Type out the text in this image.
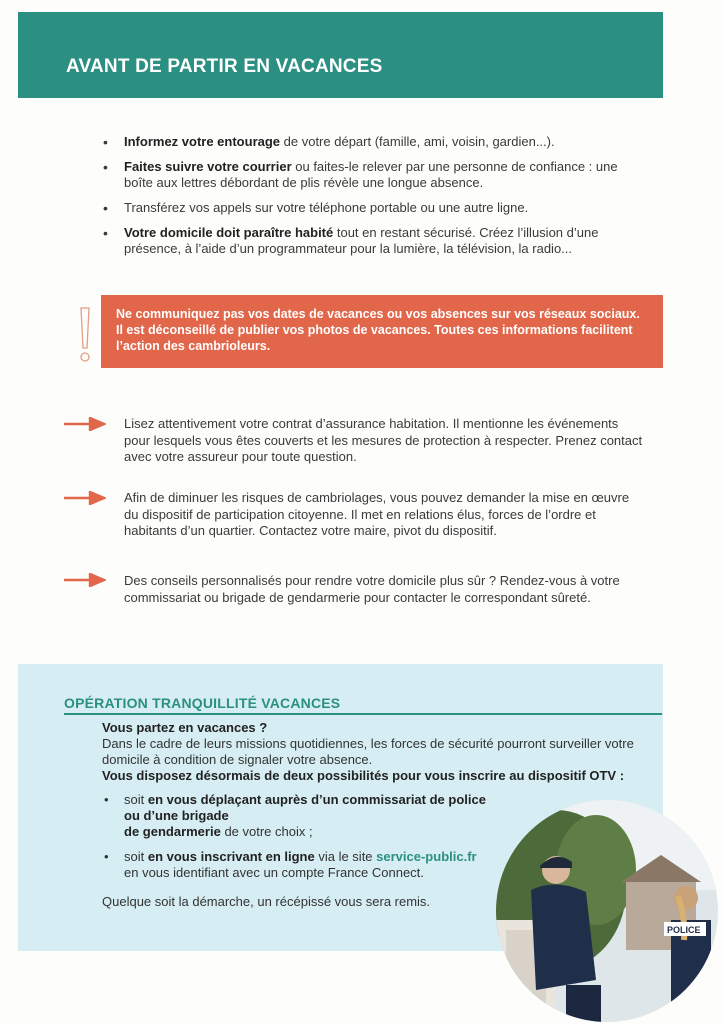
AVANT DE PARTIR EN VACANCES
• Informez votre entourage de votre départ (famille, ami, voisin, gardien...).
• Faites suivre votre courrier ou faites-le relever par une personne de confiance : une boîte aux lettres débordant de plis révèle une longue absence.
• Transférez vos appels sur votre téléphone portable ou une autre ligne.
• Votre domicile doit paraître habité tout en restant sécurisé. Créez l’illusion d’une présence, à l’aide d’un programmateur pour la lumière, la télévision, la radio...

Ne communiquez pas vos dates de vacances ou vos absences sur vos réseaux sociaux. Il est déconseillé de publier vos photos de vacances. Toutes ces informations facilitent l’action des cambrioleurs.

Lisez attentivement votre contrat d’assurance habitation. Il mentionne les événements pour lesquels vous êtes couverts et les mesures de protection à respecter. Prenez contact avec votre assureur pour toute question.

Afin de diminuer les risques de cambriolages, vous pouvez demander la mise en œuvre du dispositif de participation citoyenne. Il met en relations élus, forces de l’ordre et habitants d’un quartier. Contactez votre maire, pivot du dispositif.

Des conseils personnalisés pour rendre votre domicile plus sûr ? Rendez-vous à votre commissariat ou brigade de gendarmerie pour contacter le correspondant sûreté.

OPÉRATION TRANQUILLITÉ VACANCES

Vous partez en vacances ?

Dans le cadre de leurs missions quotidiennes, les forces de sécurité pourront surveiller votre domicile à condition de signaler votre absence.

Vous disposez désormais de deux possibilités pour vous inscrire au dispositif OTV :

• soit en vous déplaçant auprès d’un commissariat de police
ou d’une brigade
de gendarmerie de votre choix ;
• soit en vous inscrivant en ligne via le site service-public.fr
en vous identifiant avec un compte France Connect.

Quelque soit la démarche, un récépissé vous sera remis.

POLICE
